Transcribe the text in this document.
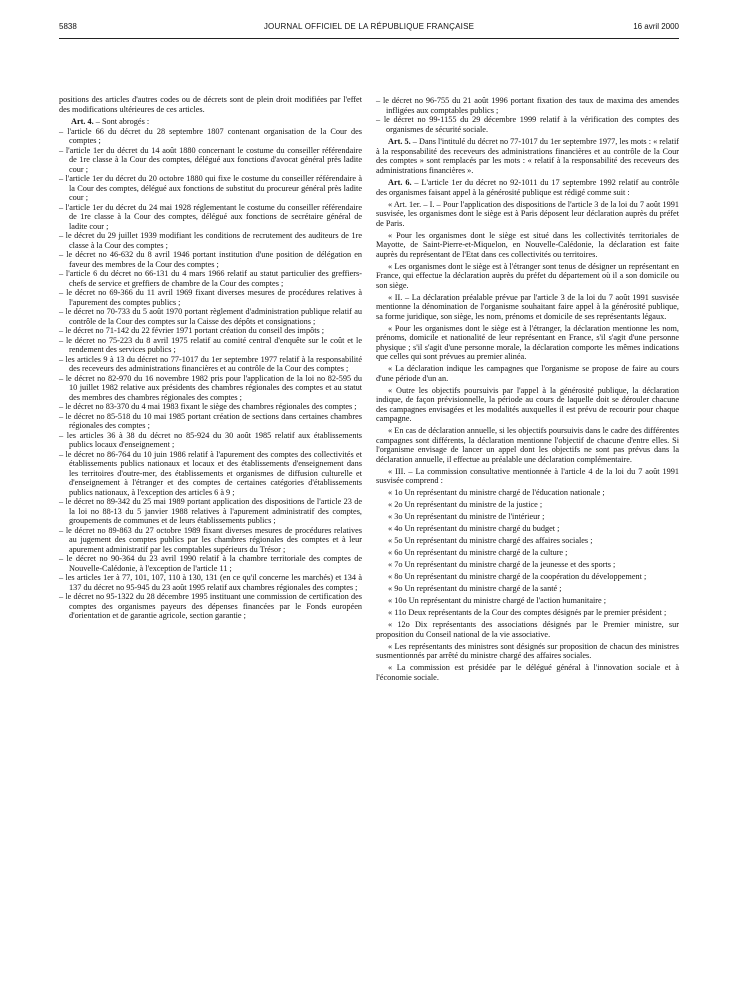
5838	JOURNAL OFFICIEL DE LA RÉPUBLIQUE FRANÇAISE	16 avril 2000

positions des articles d'autres codes ou de décrets sont de plein droit modifiées par l'effet des modifications ultérieures de ces articles.

Art. 4. – Sont abrogés :

– l'article 66 du décret du 28 septembre 1807 contenant organisation de la Cour des comptes ;

– l'article 1er du décret du 14 août 1880 concernant le costume du conseiller référendaire de 1re classe à la Cour des comptes, délégué aux fonctions d'avocat général près ladite cour ;

– l'article 1er du décret du 20 octobre 1880 qui fixe le costume du conseiller référendaire à la Cour des comptes, délégué aux fonctions de substitut du procureur général près ladite cour ;

– l'article 1er du décret du 24 mai 1928 réglementant le costume du conseiller référendaire de 1re classe à la Cour des comptes, délégué aux fonctions de secrétaire général de ladite cour ;

– le décret du 29 juillet 1939 modifiant les conditions de recrutement des auditeurs de 1re classe à la Cour des comptes ;

– le décret no 46-632 du 8 avril 1946 portant institution d'une position de délégation en faveur des membres de la Cour des comptes ;

– l'article 6 du décret no 66-131 du 4 mars 1966 relatif au statut particulier des greffiers-chefs de service et greffiers de chambre de la Cour des comptes ;

– le décret no 69-366 du 11 avril 1969 fixant diverses mesures de procédures relatives à l'apurement des comptes publics ;

– le décret no 70-733 du 5 août 1970 portant règlement d'administration publique relatif au contrôle de la Cour des comptes sur la Caisse des dépôts et consignations ;

– le décret no 71-142 du 22 février 1971 portant création du conseil des impôts ;

– le décret no 75-223 du 8 avril 1975 relatif au comité central d'enquête sur le coût et le rendement des services publics ;

– les articles 9 à 13 du décret no 77-1017 du 1er septembre 1977 relatif à la responsabilité des receveurs des administrations financières et au contrôle de la Cour des comptes ;

– le décret no 82-970 du 16 novembre 1982 pris pour l'application de la loi no 82-595 du 10 juillet 1982 relative aux présidents des chambres régionales des comptes et au statut des membres des chambres régionales des comptes ;

– le décret no 83-370 du 4 mai 1983 fixant le siège des chambres régionales des comptes ;

– le décret no 85-518 du 10 mai 1985 portant création de sections dans certaines chambres régionales des comptes ;

– les articles 36 à 38 du décret no 85-924 du 30 août 1985 relatif aux établissements publics locaux d'enseignement ;

– le décret no 86-764 du 10 juin 1986 relatif à l'apurement des comptes des collectivités et établissements publics nationaux et locaux et des établissements d'enseignement dans les territoires d'outre-mer, des établissements et organismes de diffusion culturelle et d'enseignement à l'étranger et des comptes de certaines catégories d'établissements publics nationaux, à l'exception des articles 6 à 9 ;

– le décret no 89-342 du 25 mai 1989 portant application des dispositions de l'article 23 de la loi no 88-13 du 5 janvier 1988 relatives à l'apurement administratif des comptes, groupements de communes et de leurs établissements publics ;

– le décret no 89-863 du 27 octobre 1989 fixant diverses mesures de procédures relatives au jugement des comptes publics par les chambres régionales des comptes et à leur apurement administratif par les comptables supérieurs du Trésor ;

– le décret no 90-364 du 23 avril 1990 relatif à la chambre territoriale des comptes de Nouvelle-Calédonie, à l'exception de l'article 11 ;

– les articles 1er à 77, 101, 107, 110 à 130, 131 (en ce qu'il concerne les marchés) et 134 à 137 du décret no 95-945 du 23 août 1995 relatif aux chambres régionales des comptes ;

– le décret no 95-1322 du 28 décembre 1995 instituant une commission de certification des comptes des organismes payeurs des dépenses financées par le Fonds européen d'orientation et de garantie agricole, section garantie ;

– le décret no 96-755 du 21 août 1996 portant fixation des taux de maxima des amendes infligées aux comptables publics ;

– le décret no 99-1155 du 29 décembre 1999 relatif à la vérification des comptes des organismes de sécurité sociale.

Art. 5. – Dans l'intitulé du décret no 77-1017 du 1er septembre 1977, les mots : « relatif à la responsabilité des receveurs des administrations financières et au contrôle de la Cour des comptes » sont remplacés par les mots : « relatif à la responsabilité des receveurs des administrations financières ».

Art. 6. – L'article 1er du décret no 92-1011 du 17 septembre 1992 relatif au contrôle des organismes faisant appel à la générosité publique est rédigé comme suit :

« Art. 1er. – I. – Pour l'application des dispositions de l'article 3 de la loi du 7 août 1991 susvisée, les organismes dont le siège est à Paris déposent leur déclaration auprès du préfet de Paris.

« Pour les organismes dont le siège est situé dans les collectivités territoriales de Mayotte, de Saint-Pierre-et-Miquelon, en Nouvelle-Calédonie, la déclaration est faite auprès du représentant de l'Etat dans ces collectivités ou territoires.

« Les organismes dont le siège est à l'étranger sont tenus de désigner un représentant en France, qui effectue la déclaration auprès du préfet du département où il a son domicile ou son siège.

« II. – La déclaration préalable prévue par l'article 3 de la loi du 7 août 1991 susvisée mentionne la dénomination de l'organisme souhaitant faire appel à la générosité publique, sa forme juridique, son siège, les nom, prénoms et domicile de ses représentants légaux.

« Pour les organismes dont le siège est à l'étranger, la déclaration mentionne les nom, prénoms, domicile et nationalité de leur représentant en France, s'il s'agit d'une personne physique ; s'il s'agit d'une personne morale, la déclaration comporte les mêmes indications que celles qui sont prévues au premier alinéa.

« La déclaration indique les campagnes que l'organisme se propose de faire au cours d'une période d'un an.

« Outre les objectifs poursuivis par l'appel à la générosité publique, la déclaration indique, de façon prévisionnelle, la période au cours de laquelle doit se dérouler chacune des campagnes envisagées et les modalités auxquelles il est prévu de recourir pour chaque campagne.

« En cas de déclaration annuelle, si les objectifs poursuivis dans le cadre des différentes campagnes sont différents, la déclaration mentionne l'objectif de chacune d'entre elles. Si l'organisme envisage de lancer un appel dont les objectifs ne sont pas prévus dans la déclaration annuelle, il effectue au préalable une déclaration complémentaire.

« III. – La commission consultative mentionnée à l'article 4 de la loi du 7 août 1991 susvisée comprend :

« 1o Un représentant du ministre chargé de l'éducation nationale ;

« 2o Un représentant du ministre de la justice ;

« 3o Un représentant du ministre de l'intérieur ;

« 4o Un représentant du ministre chargé du budget ;

« 5o Un représentant du ministre chargé des affaires sociales ;

« 6o Un représentant du ministre chargé de la culture ;

« 7o Un représentant du ministre chargé de la jeunesse et des sports ;

« 8o Un représentant du ministre chargé de la coopération du développement ;

« 9o Un représentant du ministre chargé de la santé ;

« 10o Un représentant du ministre chargé de l'action humanitaire ;

« 11o Deux représentants de la Cour des comptes désignés par le premier président ;

« 12o Dix représentants des associations désignés par le Premier ministre, sur proposition du Conseil national de la vie associative.

« Les représentants des ministres sont désignés sur proposition de chacun des ministres susmentionnés par arrêté du ministre chargé des affaires sociales.

« La commission est présidée par le délégué général à l'innovation sociale et à l'économie sociale.
